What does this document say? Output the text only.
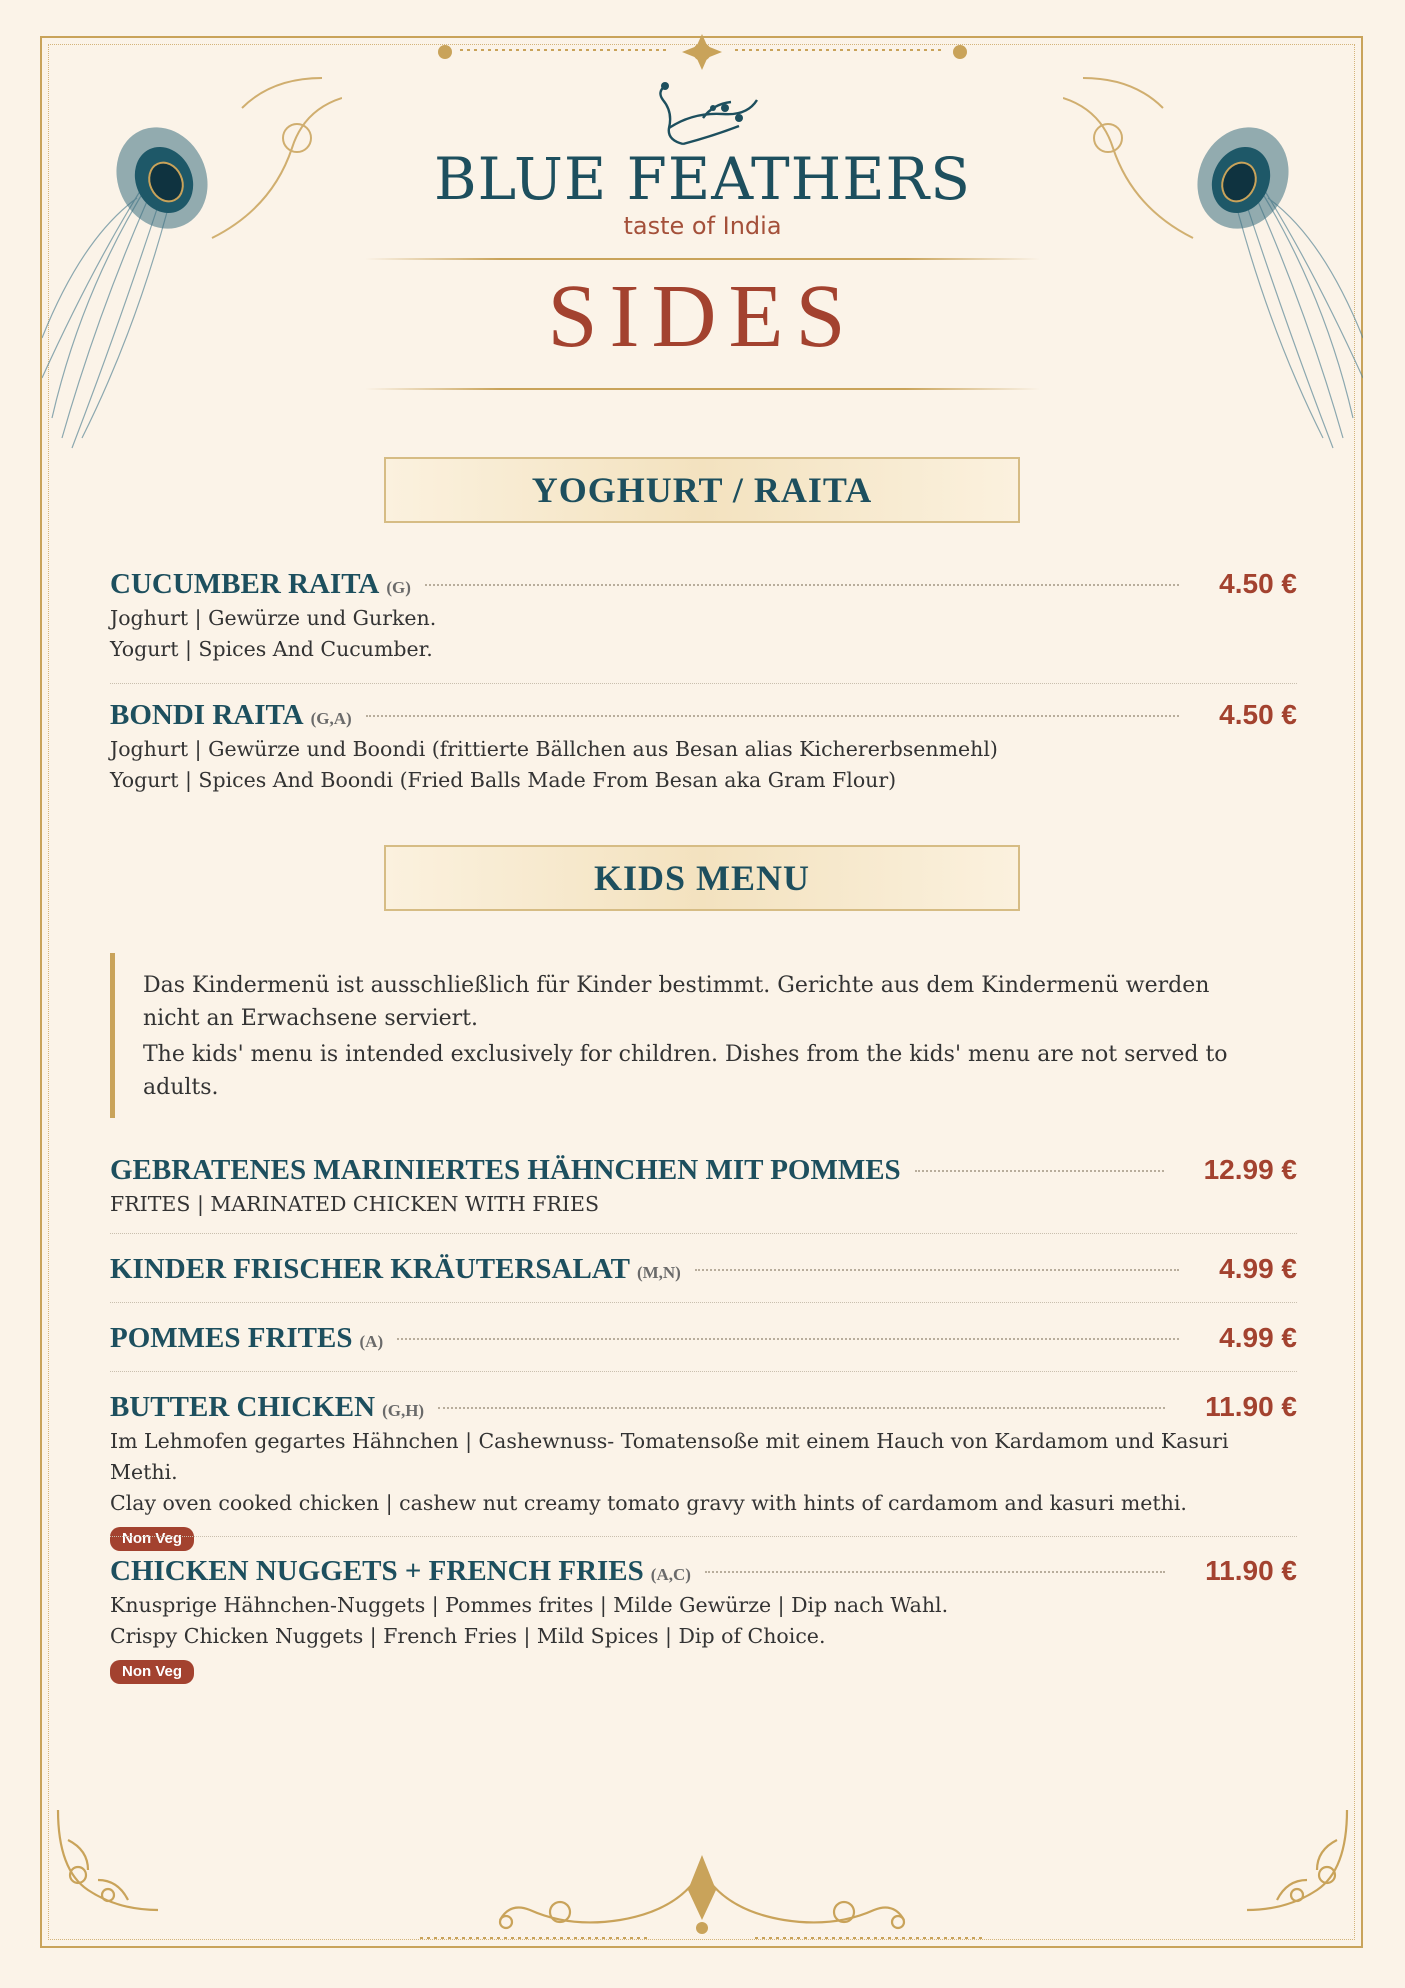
BLUE FEATHERS
taste of India
SIDES
YOGHURT / RAITA
CUCUMBER RAITA (G)	4.50 €
Joghurt | Gewürze und Gurken.
Yogurt | Spices And Cucumber.
BONDI RAITA (G,A)	4.50 €
Joghurt | Gewürze und Boondi (frittierte Bällchen aus Besan alias Kichererbsenmehl)
Yogurt | Spices And Boondi (Fried Balls Made From Besan aka Gram Flour)
KIDS MENU

Das Kindermenü ist ausschließlich für Kinder bestimmt. Gerichte aus dem Kindermenü werden nicht an Erwachsene serviert.

The kids' menu is intended exclusively for children. Dishes from the kids' menu are not served to adults.

GEBRATENES MARINIERTES HÄHNCHEN MIT POMMES	12.99 €
FRITES | MARINATED CHICKEN WITH FRIES
KINDER FRISCHER KRÄUTERSALAT (M,N)	4.99 €
POMMES FRITES (A)	4.99 €
BUTTER CHICKEN (G,H)	11.90 €
Im Lehmofen gegartes Hähnchen | Cashewnuss- Tomatensoße mit einem Hauch von Kardamom und Kasuri Methi.
Clay oven cooked chicken | cashew nut creamy tomato gravy with hints of cardamom and kasuri methi.
Non Veg
CHICKEN NUGGETS + FRENCH FRIES (A,C)	11.90 €
Knusprige Hähnchen-Nuggets | Pommes frites | Milde Gewürze | Dip nach Wahl.
Crispy Chicken Nuggets | French Fries | Mild Spices | Dip of Choice.
Non Veg
